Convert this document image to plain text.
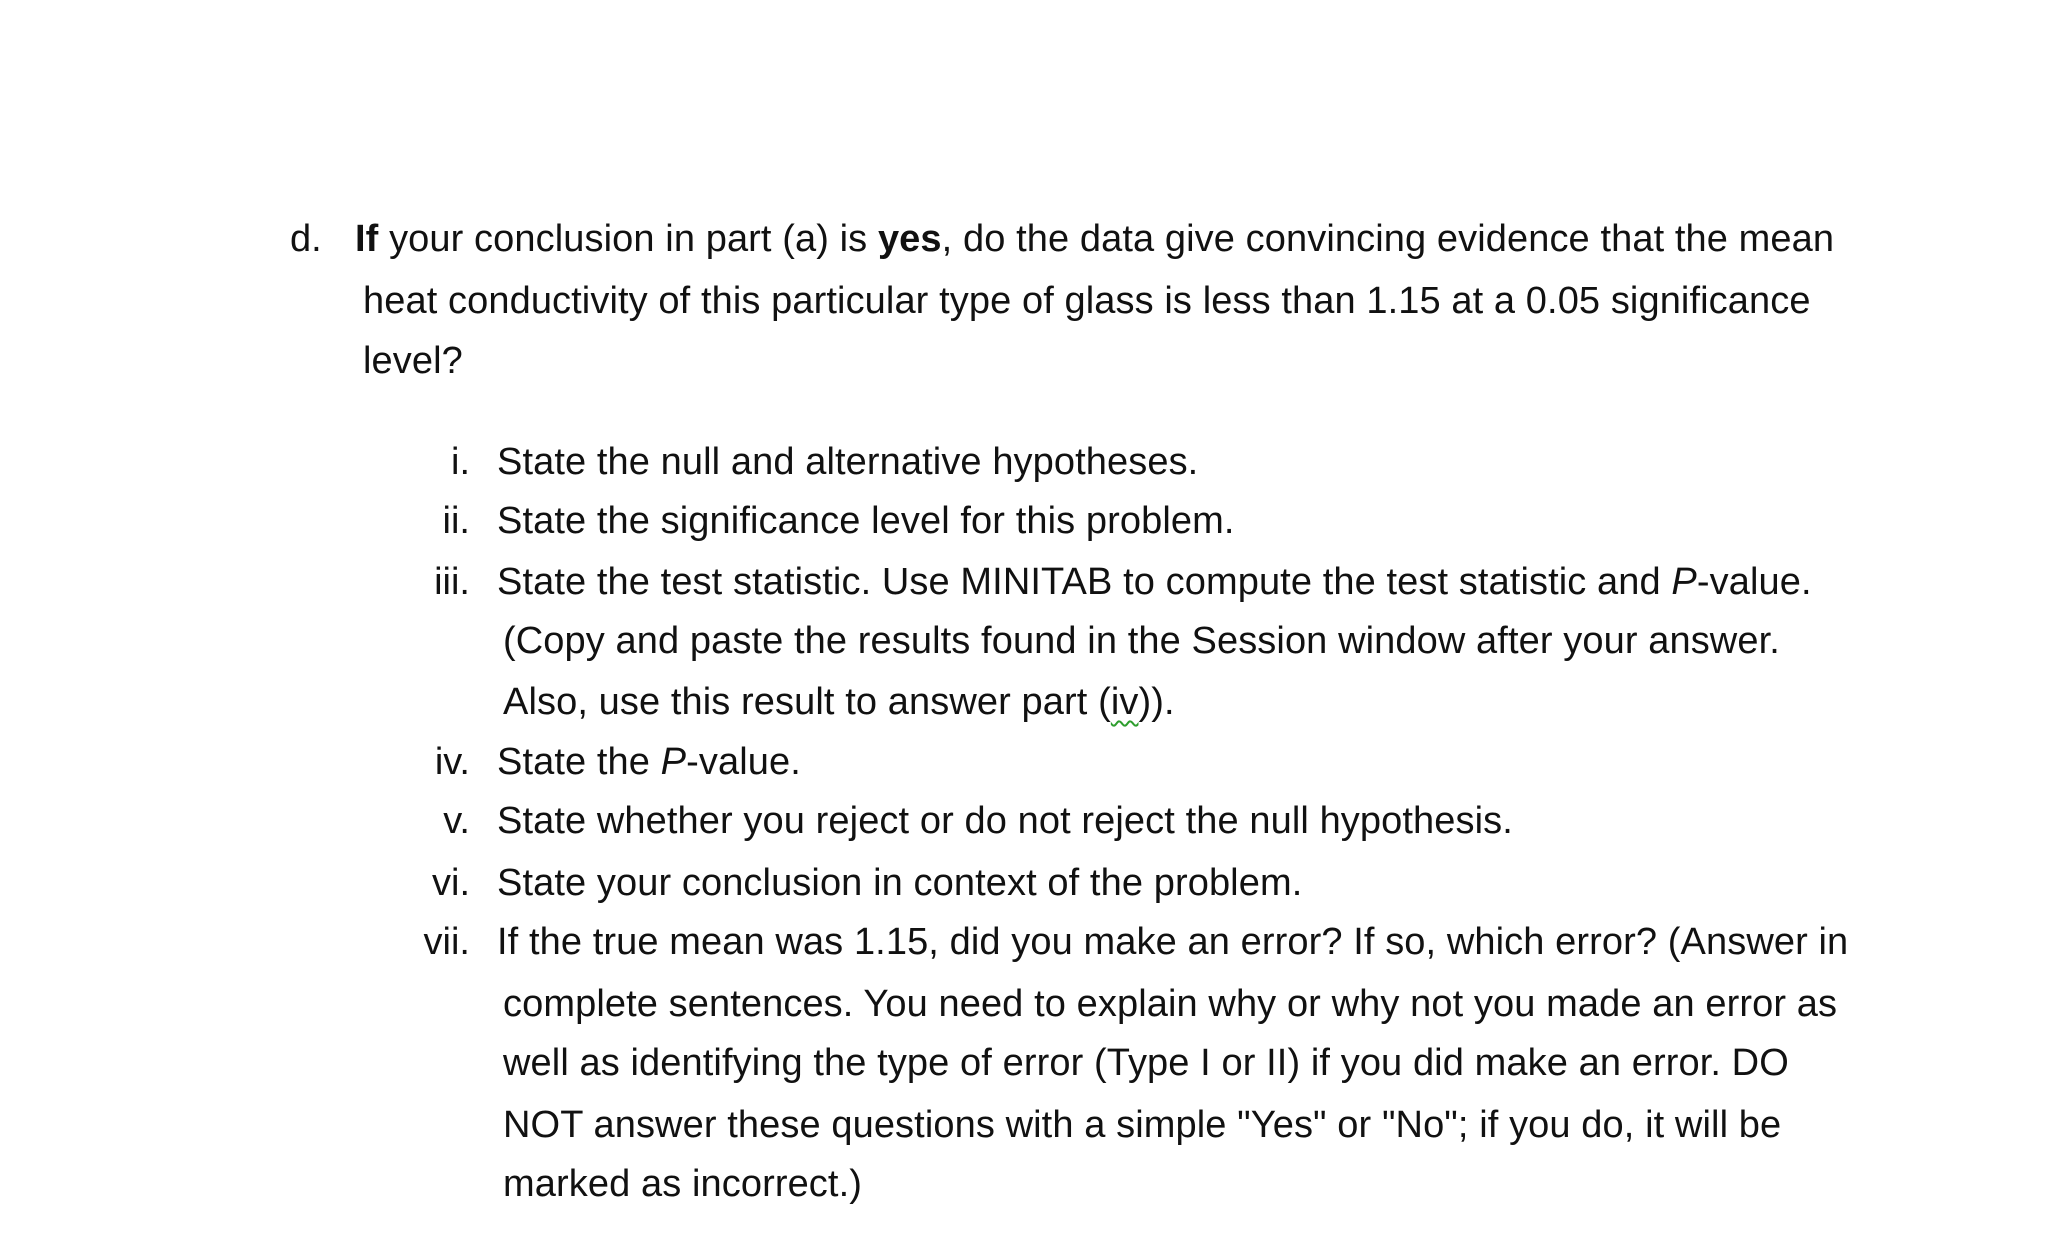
d. If your conclusion in part (a) is yes, do the data give convincing evidence that the mean
heat conductivity of this particular type of glass is less than 1.15 at a 0.05 significance
level?
i. State the null and alternative hypotheses.
ii. State the significance level for this problem.
iii. State the test statistic. Use MINITAB to compute the test statistic and P-value.
(Copy and paste the results found in the Session window after your answer.
Also, use this result to answer part (iv)).
iv. State the P-value.
v. State whether you reject or do not reject the null hypothesis.
vi. State your conclusion in context of the problem.
vii. If the true mean was 1.15, did you make an error? If so, which error? (Answer in
complete sentences. You need to explain why or why not you made an error as
well as identifying the type of error (Type I or II) if you did make an error. DO
NOT answer these questions with a simple "Yes" or "No"; if you do, it will be
marked as incorrect.)
